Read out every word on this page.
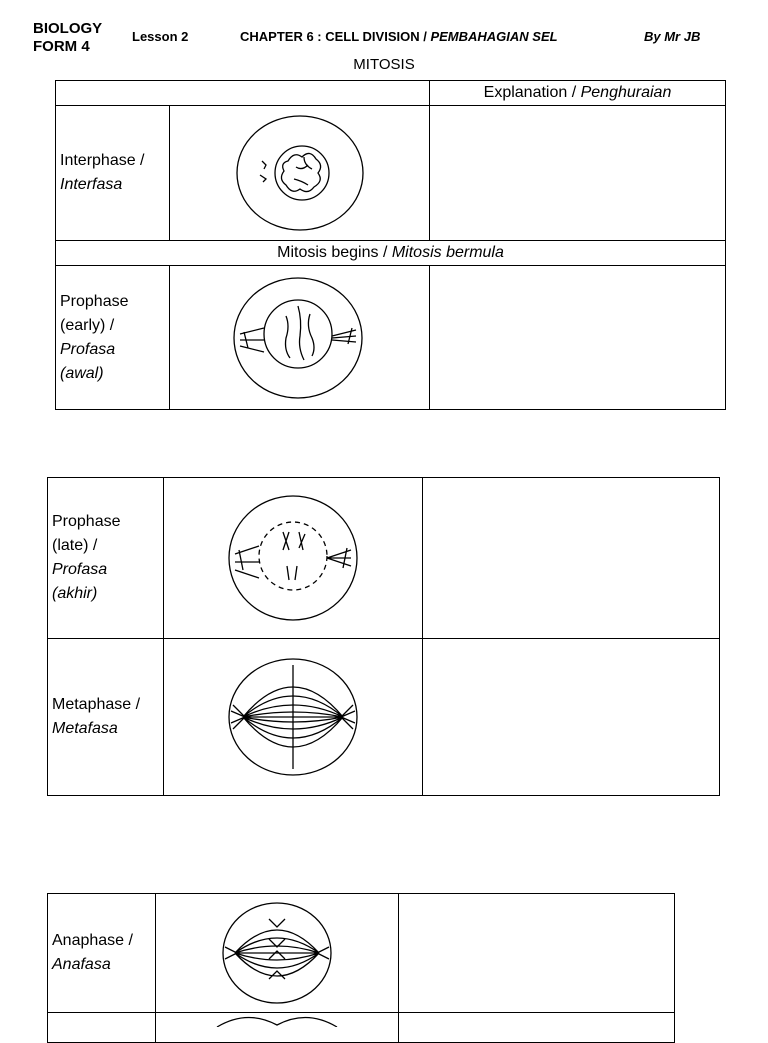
BIOLOGY
FORM 4
Lesson 2	CHAPTER 6 : CELL DIVISION / PEMBAHAGIAN SEL	By Mr JB
MITOSIS
		Explanation / Penghuraian

Interphase /
Interfasa

Mitosis begins / Mitosis bermula		

Prophase
(early) /
Profasa
(awal)

Prophase
(late) /
Profasa
(akhir)

Metaphase /
Metafasa

Anaphase /
Anafasa
